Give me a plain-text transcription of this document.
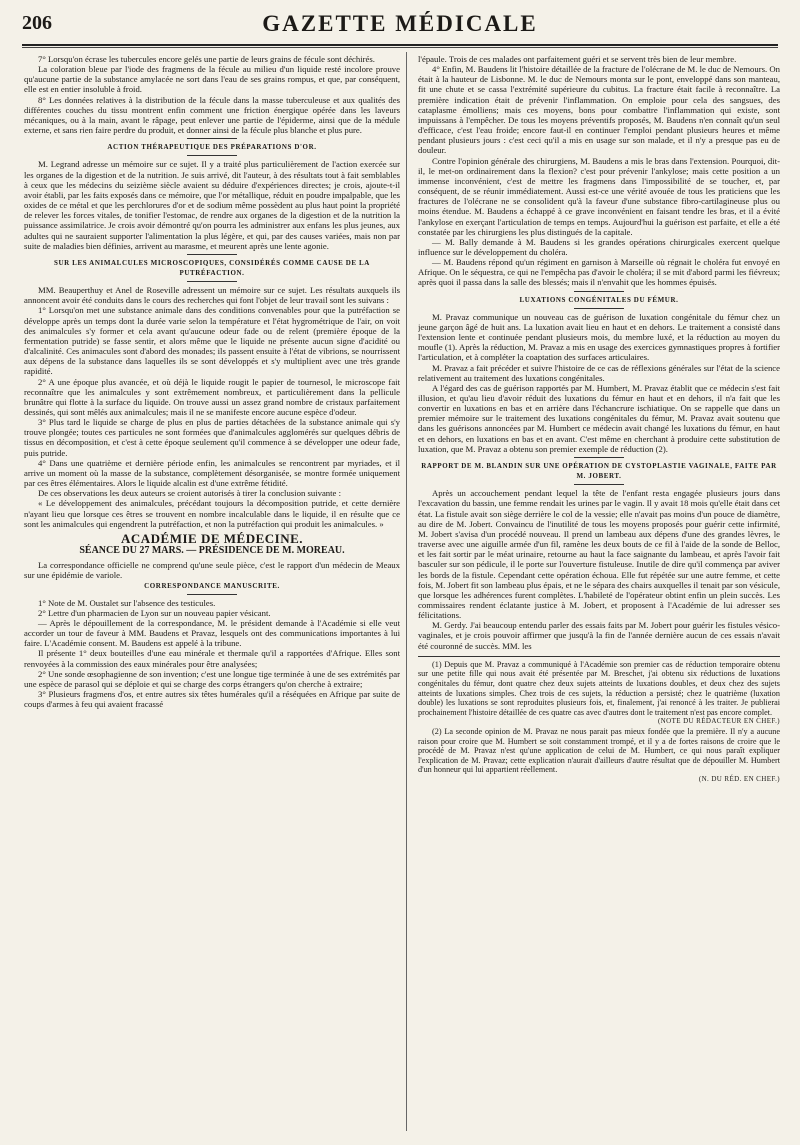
206	GAZETTE MÉDICALE

7° Lorsqu'on écrase les tubercules encore gelés une partie de leurs grains de fécule sont déchirés.

La coloration bleue par l'iode des fragmens de la fécule au milieu d'un liquide resté incolore prouve qu'aucune partie de la substance amylacée ne sort dans l'eau de ses grains rompus, et que, par conséquent, elle est en entier insoluble à froid.

8° Les données relatives à la distribution de la fécule dans la masse tuberculeuse et aux qualités des différentes couches du tissu montrent enfin comment une friction énergique opérée dans les laveurs mécaniques, ou à la main, avant le râpage, peut enlever une partie de l'épiderme, ainsi que de la médule externe, et sans rien faire perdre du produit, et donner ainsi de la fécule plus blanche et plus pure.

ACTION THÉRAPEUTIQUE DES PRÉPARATIONS D'OR.

M. Legrand adresse un mémoire sur ce sujet. Il y a traité plus particulièrement de l'action exercée sur les organes de la digestion et de la nutrition. Je suis arrivé, dit l'auteur, à des résultats tout à fait semblables à ceux que les médecins du seizième siècle avaient su déduire d'expériences directes; je crois, ajoute-t-il avoir établi, par les faits exposés dans ce mémoire, que l'or métallique, réduit en poudre impalpable, que les oxides de ce métal et que les perchlorures d'or et de sodium même possèdent au plus haut point la propriété de relever les forces vitales, de tonifier l'estomac, de rendre aux organes de la digestion et de la nutrition la puissance assimilatrice. Je crois avoir démontré qu'on pourra les administrer aux enfans les plus jeunes, aux adultes qui ne sauraient supporter l'alimentation la plus légère, et qui, par des causes variées, mais non par suite de maladies bien définies, arrivent au marasme, et meurent après une lente agonie.

SUR LES ANIMALCULES MICROSCOPIQUES, CONSIDÉRÉS COMME CAUSE DE LA PUTRÉFACTION.

MM. Beauperthuy et Anel de Roseville adressent un mémoire sur ce sujet. Les résultats auxquels ils annoncent avoir été conduits dans le cours des recherches qui font l'objet de leur travail sont les suivans :

1° Lorsqu'on met une substance animale dans des conditions convenables pour que la putréfaction se développe après un temps dont la durée varie selon la température et l'état hygrométrique de l'air, on voit des animalcules s'y former et cela avant qu'aucune odeur fade ou de relent (première époque de la fermentation putride) se fasse sentir, et alors même que le liquide ne présente aucun signe d'acidité ou d'alcalinité. Ces animacules sont d'abord des monades; ils passent ensuite à l'état de vibrions, se nourrissent aux dépens de la substance dans laquelles ils se sont développés et s'y multiplient avec une très grande rapidité.

2° A une époque plus avancée, et où déjà le liquide rougit le papier de tournesol, le microscope fait reconnaître que les animalcules y sont extrêmement nombreux, et particulièrement dans la pellicule brunâtre qui flotte à la surface du liquide. On trouve aussi un assez grand nombre de cristaux parfaitement dessinés, qui sont mêlés aux animalcules; mais il ne se manifeste encore aucune espèce d'odeur.

3° Plus tard le liquide se charge de plus en plus de parties détachées de la substance animale qui s'y trouve plongée; toutes ces particules ne sont formées que d'animalcules agglomérés sur quelques débris de tissus en décomposition, et c'est à cette époque seulement qu'il commence à se développer une odeur fade, puis putride.

4° Dans une quatrième et dernière période enfin, les animalcules se rencontrent par myriades, et il arrive un moment où la masse de la substance, complètement désorganisée, se montre formée uniquement par ces êtres élémentaires. Alors le liquide alcalin est d'une extrême fétidité.

De ces observations les deux auteurs se croient autorisés à tirer la conclusion suivante :

« Le développement des animalcules, précédant toujours la décomposition putride, et cette dernière n'ayant lieu que lorsque ces êtres se trouvent en nombre incalculable dans le liquide, il en résulte que ce sont les animalcules qui engendrent la putréfaction, et non la putréfaction qui produit les animalcules. »

ACADÉMIE DE MÉDECINE.
SÉANCE DU 27 MARS. — PRÉSIDENCE DE M. MOREAU.

La correspondance officielle ne comprend qu'une seule pièce, c'est le rapport d'un médecin de Meaux sur une épidémie de variole.

CORRESPONDANCE MANUSCRITE.

1° Note de M. Oustalet sur l'absence des testicules.

2° Lettre d'un pharmacien de Lyon sur un nouveau papier vésicant.

— Après le dépouillement de la correspondance, M. le président demande à l'Académie si elle veut accorder un tour de faveur à MM. Baudens et Pravaz, lesquels ont des communications importantes à lui faire. L'Académie consent. M. Baudens est appelé à la tribune.

Il présente 1° deux bouteilles d'une eau minérale et thermale qu'il a rapportées d'Afrique. Elles sont renvoyées à la commission des eaux minérales pour être analysées;

2° Une sonde œsophagienne de son invention; c'est une longue tige terminée à une de ses extrémités par une espèce de parasol qui se déploie et qui se charge des corps étrangers qu'on cherche à extraire;

3° Plusieurs fragmens d'os, et entre autres six têtes humérales qu'il a réséquées en Afrique par suite de coups d'armes à feu qui avaient fracassé

l'épaule. Trois de ces malades ont parfaitement guéri et se servent très bien de leur membre.

4° Enfin, M. Baudens lit l'histoire détaillée de la fracture de l'olécrane de M. le duc de Nemours. On était à la hauteur de Lisbonne. M. le duc de Nemours monta sur le pont, enveloppé dans son manteau, fit une chute et se cassa l'extrémité supérieure du cubitus. La fracture était facile à reconnaître. La première indication était de prévenir l'inflammation. On emploie pour cela des sangsues, des cataplasme émolliens; mais ces moyens, bons pour combattre l'inflammation qui existe, sont impuissans à l'empêcher. De tous les moyens préventifs proposés, M. Baudens n'en connaît qu'un seul d'efficace, c'est l'eau froide; encore faut-il en continuer l'emploi pendant plusieurs heures et même pendant plusieurs jours : c'est ceci qu'il a mis en usage sur son malade, et il n'y a presque pas eu de douleur.

Contre l'opinion générale des chirurgiens, M. Baudens a mis le bras dans l'extension. Pourquoi, dit-il, le met-on ordinairement dans la flexion? c'est pour prévenir l'ankylose; mais cette position a un immense inconvénient, c'est de mettre les fragmens dans l'impossibilité de se toucher, et, par conséquent, de se réunir immédiatement. Aussi est-ce une vérité avouée de tous les praticiens que les fractures de l'olécrane ne se consolident qu'à la faveur d'une substance fibro-cartilagineuse plus ou moins étendue. M. Baudens a échappé à ce grave inconvénient en faisant tendre les bras, et il a évité l'ankylose en exerçant l'articulation de temps en temps. Aujourd'hui la guérison est parfaite, et elle a été constatée par les chirurgiens les plus distingués de la capitale.

— M. Bally demande à M. Baudens si les grandes opérations chirurgicales exercent quelque influence sur le développement du choléra.

— M. Baudens répond qu'un régiment en garnison à Marseille où régnait le choléra fut envoyé en Afrique. On le séquestra, ce qui ne l'empêcha pas d'avoir le choléra; il se mit d'abord parmi les fiévreux; après quoi il passa dans la salle des blessés; mais il n'envahit que les hommes épuisés.

LUXATIONS CONGÉNITALES DU FÉMUR.

M. Pravaz communique un nouveau cas de guérison de luxation congénitale du fémur chez un jeune garçon âgé de huit ans. La luxation avait lieu en haut et en dehors. Le traitement a consisté dans l'extension lente et continuée pendant plusieurs mois, du membre luxé, et la réduction au moyen du moufle (1). Après la réduction, M. Pravaz a mis en usage des exercices gymnastiques propres à fortifier l'articulation, et à compléter la coaptation des surfaces articulaires.

M. Pravaz a fait précéder et suivre l'histoire de ce cas de réflexions générales sur l'état de la science relativement au traitement des luxations congénitales.

A l'égard des cas de guérison rapportés par M. Humbert, M. Pravaz établit que ce médecin s'est fait illusion, et qu'au lieu d'avoir réduit des luxations du fémur en haut et en dehors, il n'a fait que les convertir en luxations en bas et en arrière dans l'échancrure ischiatique. On se rappelle que dans un premier mémoire sur le traitement des luxations congénitales du fémur, M. Pravaz avait soutenu que dans les guérisons annoncées par M. Humbert ce médecin avait changé les luxations du fémur, en haut et en dehors, en luxations en bas et en avant. C'est même en cherchant à produire cette substitution de luxation, que M. Pravaz a obtenu son premier exemple de réduction (2).

RAPPORT DE M. BLANDIN SUR UNE OPÉRATION DE CYSTOPLASTIE VAGINALE, FAITE PAR M. JOBERT.

Après un accouchement pendant lequel la tête de l'enfant resta engagée plusieurs jours dans l'excavation du bassin, une femme rendait les urines par le vagin. Il y avait 18 mois qu'elle était dans cet état. La fistule avait son siège derrière le col de la vessie; elle n'avait pas moins d'un pouce de diamètre, au dire de M. Jobert. Convaincu de l'inutilité de tous les moyens proposés pour guérir cette infirmité, M. Jobert s'avisa d'un procédé nouveau. Il prend un lambeau aux dépens d'une des grandes lèvres, le traverse avec une aiguille armée d'un fil, ramène les deux bouts de ce fil à l'aide de la sonde de Belloc, et les fait sortir par le méat urinaire, retourne au haut la face saignante du lambeau, et après l'avoir fait basculer sur son pédicule, il le porte sur l'ouverture fistuleuse. Inutile de dire qu'il commença par aviver les bords de la fistule. Cependant cette opération échoua. Elle fut répétée sur une autre femme, et cette fois, M. Jobert fit son lambeau plus épais, et ne le sépara des chairs auxquelles il tenait par son vésicule, que lorsque les adhérences furent complètes. L'habileté de l'opérateur obtint enfin un plein succès. Les commissaires rendent éclatante justice à M. Jobert, et proposent à l'Académie de lui adresser ses félicitations.

M. Gerdy. J'ai beaucoup entendu parler des essais faits par M. Jobert pour guérir les fistules vésico-vaginales, et je crois pouvoir affirmer que jusqu'à la fin de l'année dernière aucun de ces essais n'avait été couronné de succès. MM. les

(1) Depuis que M. Pravaz a communiqué à l'Académie son premier cas de réduction temporaire obtenu sur une petite fille qui nous avait été présentée par M. Breschet, j'ai obtenu six réductions de luxations congénitales du fémur, dont quatre chez deux sujets atteints de luxations doubles, et deux chez des sujets atteints de luxations simples. Chez trois de ces sujets, la réduction a persisté; chez le quatrième (luxation double) les luxations se sont reproduites plusieurs fois, et, finalement, j'ai renoncé à les traiter. Je publierai prochainement l'histoire détaillée de ces quatre cas avec d'autres dont le traitement n'est pas encore complet.

(NOTE DU RÉDACTEUR EN CHEF.)

(2) La seconde opinion de M. Pravaz ne nous parait pas mieux fondée que la première. Il n'y a aucune raison pour croire que M. Humbert se soit constamment trompé, et il y a de fortes raisons de croire que le procédé de M. Pravaz n'est qu'une application de celui de M. Humbert, ce qui nous paraît expliquer l'explication de M. Pravaz; cette explication n'aurait d'ailleurs d'autre résultat que de dépouiller M. Humbert d'un honneur qui lui appartient réellement.

(N. DU RÉD. EN CHEF.)
